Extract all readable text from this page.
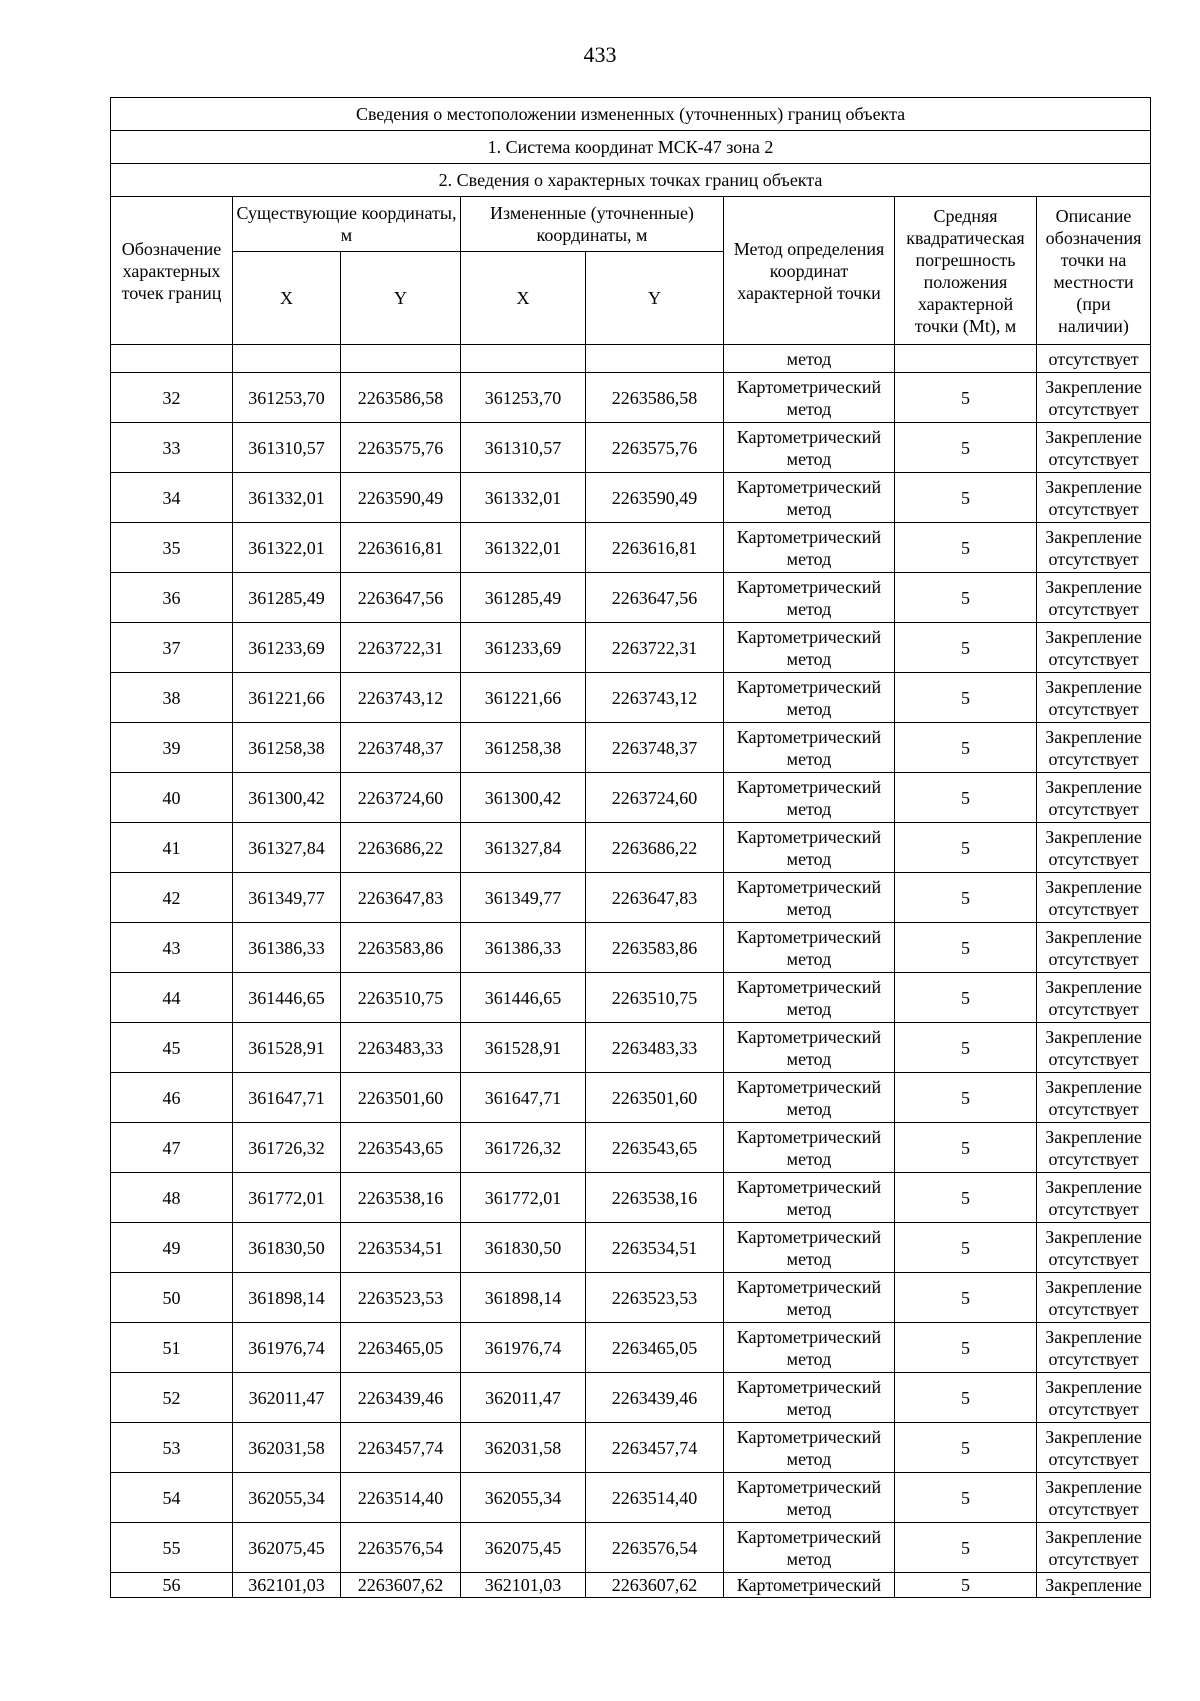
433
Сведения о местоположении измененных (уточненных) границ объекта							
1. Система координат МСК-47 зона 2							
2. Сведения о характерных точках границ объекта							
Обозначение характерных точек границ	Существующие координаты, м		Измененные (уточненные) координаты, м		Метод определения координат характерной точки	Средняя квадратическая погрешность положения характерной точки (Mt), м	Описание обозначения точки на местности (при наличии)
	X	Y	X	Y			
					метод		отсутствует
32	361253,70	2263586,58	361253,70	2263586,58	Картометрический метод	5	Закрепление отсутствует
33	361310,57	2263575,76	361310,57	2263575,76	Картометрический метод	5	Закрепление отсутствует
34	361332,01	2263590,49	361332,01	2263590,49	Картометрический метод	5	Закрепление отсутствует
35	361322,01	2263616,81	361322,01	2263616,81	Картометрический метод	5	Закрепление отсутствует
36	361285,49	2263647,56	361285,49	2263647,56	Картометрический метод	5	Закрепление отсутствует
37	361233,69	2263722,31	361233,69	2263722,31	Картометрический метод	5	Закрепление отсутствует
38	361221,66	2263743,12	361221,66	2263743,12	Картометрический метод	5	Закрепление отсутствует
39	361258,38	2263748,37	361258,38	2263748,37	Картометрический метод	5	Закрепление отсутствует
40	361300,42	2263724,60	361300,42	2263724,60	Картометрический метод	5	Закрепление отсутствует
41	361327,84	2263686,22	361327,84	2263686,22	Картометрический метод	5	Закрепление отсутствует
42	361349,77	2263647,83	361349,77	2263647,83	Картометрический метод	5	Закрепление отсутствует
43	361386,33	2263583,86	361386,33	2263583,86	Картометрический метод	5	Закрепление отсутствует
44	361446,65	2263510,75	361446,65	2263510,75	Картометрический метод	5	Закрепление отсутствует
45	361528,91	2263483,33	361528,91	2263483,33	Картометрический метод	5	Закрепление отсутствует
46	361647,71	2263501,60	361647,71	2263501,60	Картометрический метод	5	Закрепление отсутствует
47	361726,32	2263543,65	361726,32	2263543,65	Картометрический метод	5	Закрепление отсутствует
48	361772,01	2263538,16	361772,01	2263538,16	Картометрический метод	5	Закрепление отсутствует
49	361830,50	2263534,51	361830,50	2263534,51	Картометрический метод	5	Закрепление отсутствует
50	361898,14	2263523,53	361898,14	2263523,53	Картометрический метод	5	Закрепление отсутствует
51	361976,74	2263465,05	361976,74	2263465,05	Картометрический метод	5	Закрепление отсутствует
52	362011,47	2263439,46	362011,47	2263439,46	Картометрический метод	5	Закрепление отсутствует
53	362031,58	2263457,74	362031,58	2263457,74	Картометрический метод	5	Закрепление отсутствует
54	362055,34	2263514,40	362055,34	2263514,40	Картометрический метод	5	Закрепление отсутствует
55	362075,45	2263576,54	362075,45	2263576,54	Картометрический метод	5	Закрепление отсутствует
56	362101,03	2263607,62	362101,03	2263607,62	Картометрический	5	Закрепление
